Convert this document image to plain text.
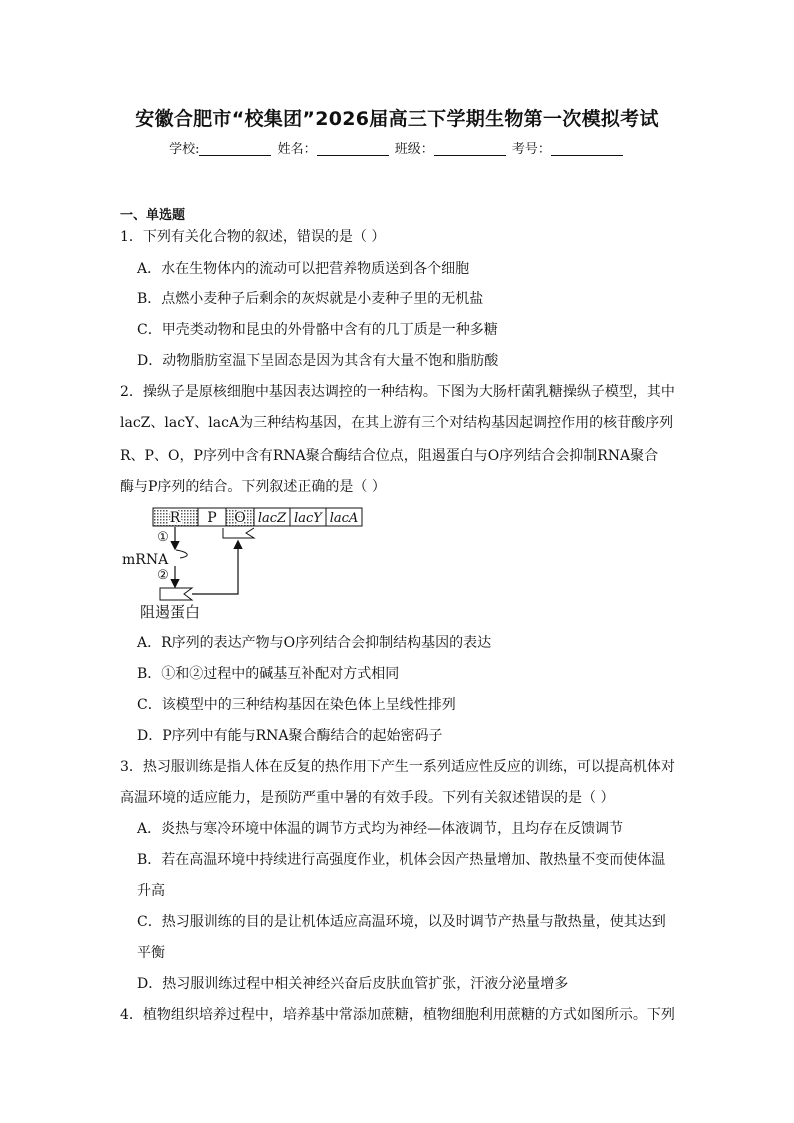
安徽合肥市“校集团”2026届高三下学期生物第一次模拟考试
学校:	姓名：	班级：	考号：
一、单选题
1．下列有关化合物的叙述，错误的是（ ）
A．水在生物体内的流动可以把营养物质送到各个细胞
B．点燃小麦种子后剩余的灰烬就是小麦种子里的无机盐
C．甲壳类动物和昆虫的外骨骼中含有的几丁质是一种多糖
D．动物脂肪室温下呈固态是因为其含有大量不饱和脂肪酸
2．操纵子是原核细胞中基因表达调控的一种结构。下图为大肠杆菌乳糖操纵子模型，其中
lacZ、lacY、lacA为三种结构基因，在其上游有三个对结构基因起调控作用的核苷酸序列
R、P、O，P序列中含有RNA聚合酶结合位点，阻遏蛋白与O序列结合会抑制RNA聚合
酶与P序列的结合。下列叙述正确的是（ ）
R P O lacZ lacY lacA
①
mRNA
②
阻遏蛋白
A．R序列的表达产物与O序列结合会抑制结构基因的表达
B．①和②过程中的碱基互补配对方式相同
C．该模型中的三种结构基因在染色体上呈线性排列
D．P序列中有能与RNA聚合酶结合的起始密码子
3．热习服训练是指人体在反复的热作用下产生一系列适应性反应的训练，可以提高机体对
高温环境的适应能力，是预防严重中暑的有效手段。下列有关叙述错误的是（ ）
A．炎热与寒冷环境中体温的调节方式均为神经—体液调节，且均存在反馈调节
B．若在高温环境中持续进行高强度作业，机体会因产热量增加、散热量不变而使体温
升高
C．热习服训练的目的是让机体适应高温环境，以及时调节产热量与散热量，使其达到
平衡
D．热习服训练过程中相关神经兴奋后皮肤血管扩张，汗液分泌量增多
4．植物组织培养过程中，培养基中常添加蔗糖，植物细胞利用蔗糖的方式如图所示。下列
